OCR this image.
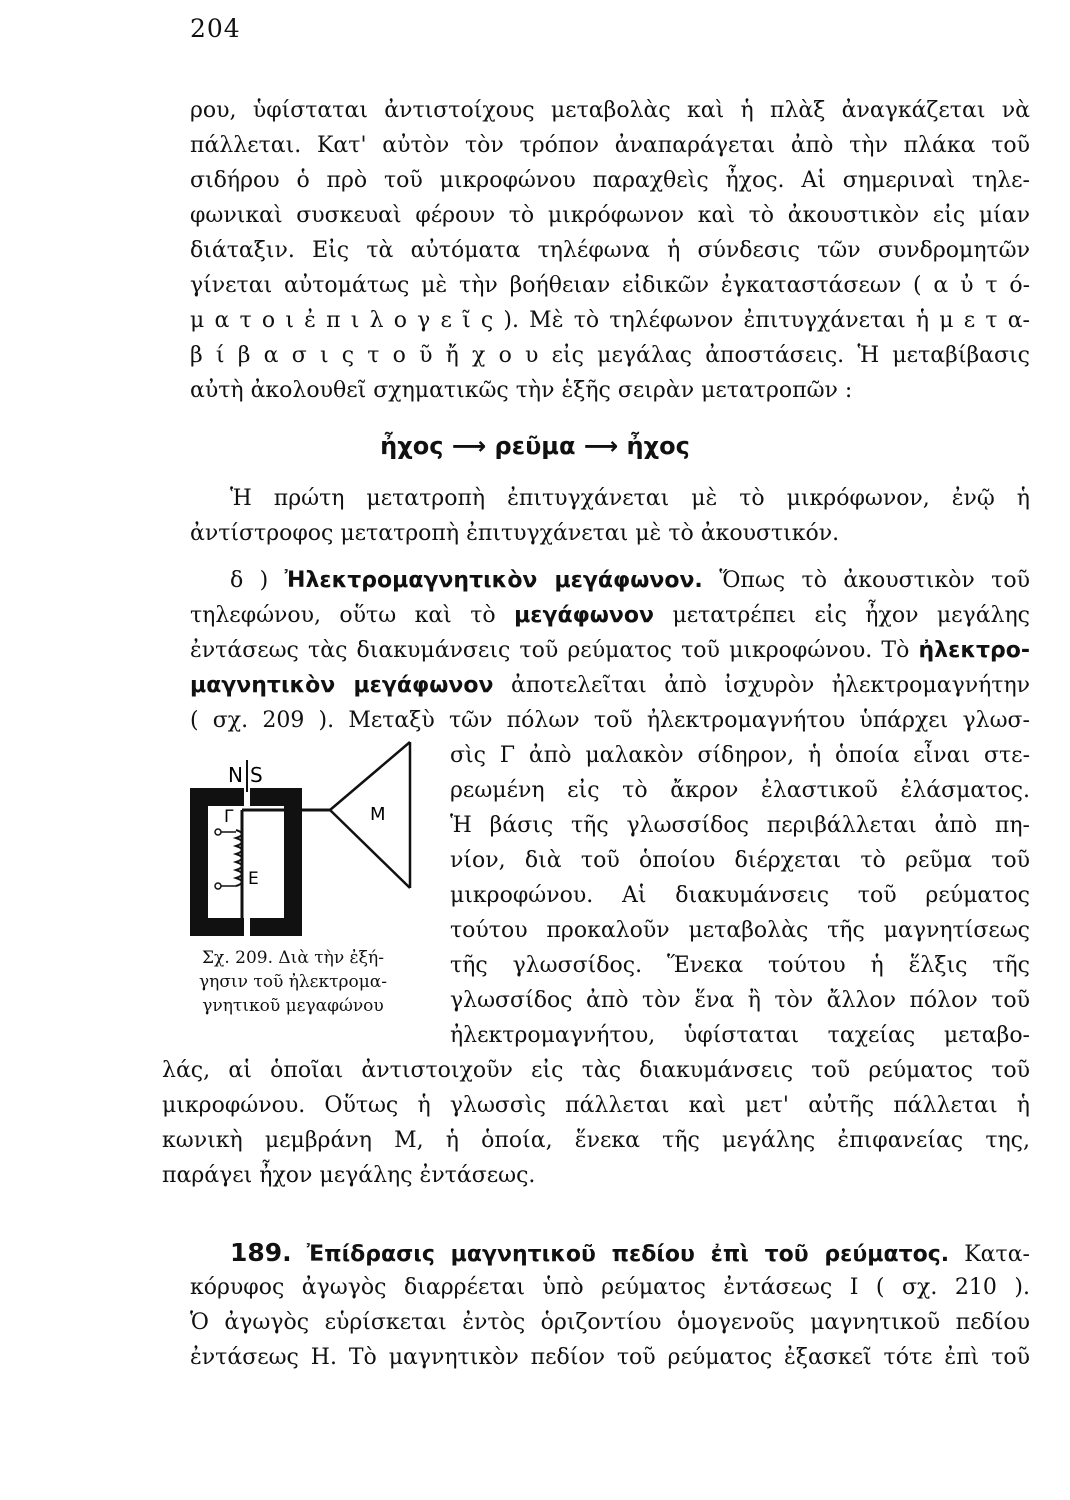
204
ρου, ὑφίσταται ἀντιστοίχους μεταβολὰς καὶ ἡ πλὰξ ἀναγκάζεται νὰ
πάλλεται. Κατ' αὐτὸν τὸν τρόπον ἀναπαράγεται ἀπὸ τὴν πλάκα τοῦ
σιδήρου ὁ πρὸ τοῦ μικροφώνου παραχθεὶς ἦχος. Αἱ σημεριναὶ τηλε-
φωνικαὶ συσκευαὶ φέρουν τὸ μικρόφωνον καὶ τὸ ἀκουστικὸν εἰς μίαν
διάταξιν. Εἰς τὰ αὐτόματα τηλέφωνα ἡ σύνδεσις τῶν συνδρομητῶν
γίνεται αὐτομάτως μὲ τὴν βοήθειαν εἰδικῶν ἐγκαταστάσεων ( α ὐ τ ό-
μ α τ ο ι ἐ π ι λ ο γ ε ῖ ς ). Μὲ τὸ τηλέφωνον ἐπιτυγχάνεται ἡ μ ε τ α-
β ί β α σ ι ς τ ο ῦ ἤ χ ο υ εἰς μεγάλας ἀποστάσεις. Ἡ μεταβίβασις
αὐτὴ ἀκολουθεῖ σχηματικῶς τὴν ἑξῆς σειρὰν μετατροπῶν :
ἦχος ⟶ ρεῦμα ⟶ ἦχος
Ἡ πρώτη μετατροπὴ ἐπιτυγχάνεται μὲ τὸ μικρόφωνον, ἐνῷ ἡ
ἀντίστροφος μετατροπὴ ἐπιτυγχάνεται μὲ τὸ ἀκουστικόν.
δ ) Ἠλεκτρομαγνητικὸν μεγάφωνον. Ὅπως τὸ ἀκουστικὸν τοῦ
τηλεφώνου, οὕτω καὶ τὸ μεγάφωνον μετατρέπει εἰς ἦχον μεγάλης
ἐντάσεως τὰς διακυμάνσεις τοῦ ρεύματος τοῦ μικροφώνου. Τὸ ἠλεκτρο-
μαγνητικὸν μεγάφωνον ἀποτελεῖται ἀπὸ ἰσχυρὸν ἠλεκτρομαγνήτην
( σχ. 209 ). Μεταξὺ τῶν πόλων τοῦ ἠλεκτρομαγνήτου ὑπάρχει γλωσ-
σὶς Γ ἀπὸ μαλακὸν σίδηρον, ἡ ὁποία εἶναι στε-
ρεωμένη εἰς τὸ ἄκρον ἐλαστικοῦ ἐλάσματος.
Ἡ βάσις τῆς γλωσσίδος περιβάλλεται ἀπὸ πη-
νίον, διὰ τοῦ ὁποίου διέρχεται τὸ ρεῦμα τοῦ
μικροφώνου. Αἱ διακυμάνσεις τοῦ ρεύματος
τούτου προκαλοῦν μεταβολὰς τῆς μαγνητίσεως
τῆς γλωσσίδος. Ἕνεκα τούτου ἡ ἕλξις τῆς
γλωσσίδος ἀπὸ τὸν ἕνα ἢ τὸν ἄλλον πόλον τοῦ
ἠλεκτρομαγνήτου, ὑφίσταται ταχείας μεταβο-
λάς, αἱ ὁποῖαι ἀντιστοιχοῦν εἰς τὰς διακυμάνσεις τοῦ ρεύματος τοῦ
μικροφώνου. Οὕτως ἡ γλωσσὶς πάλλεται καὶ μετ' αὐτῆς πάλλεται ἡ
κωνικὴ μεμβράνη Μ, ἡ ὁποία, ἕνεκα τῆς μεγάλης ἐπιφανείας της,
παράγει ἦχον μεγάλης ἐντάσεως.
N S
Γ
E
M
Σχ. 209. Διὰ τὴν ἐξή-
γησιν τοῦ ἠλεκτρομα-
γνητικοῦ μεγαφώνου
189. Ἐπίδρασις μαγνητικοῦ πεδίου ἐπὶ τοῦ ρεύματος. Κατα-
κόρυφος ἀγωγὸς διαρρέεται ὑπὸ ρεύματος ἐντάσεως Ι ( σχ. 210 ).
Ὁ ἀγωγὸς εὑρίσκεται ἐντὸς ὁριζοντίου ὁμογενοῦς μαγνητικοῦ πεδίου
ἐντάσεως Η. Τὸ μαγνητικὸν πεδίον τοῦ ρεύματος ἐξασκεῖ τότε ἐπὶ τοῦ
